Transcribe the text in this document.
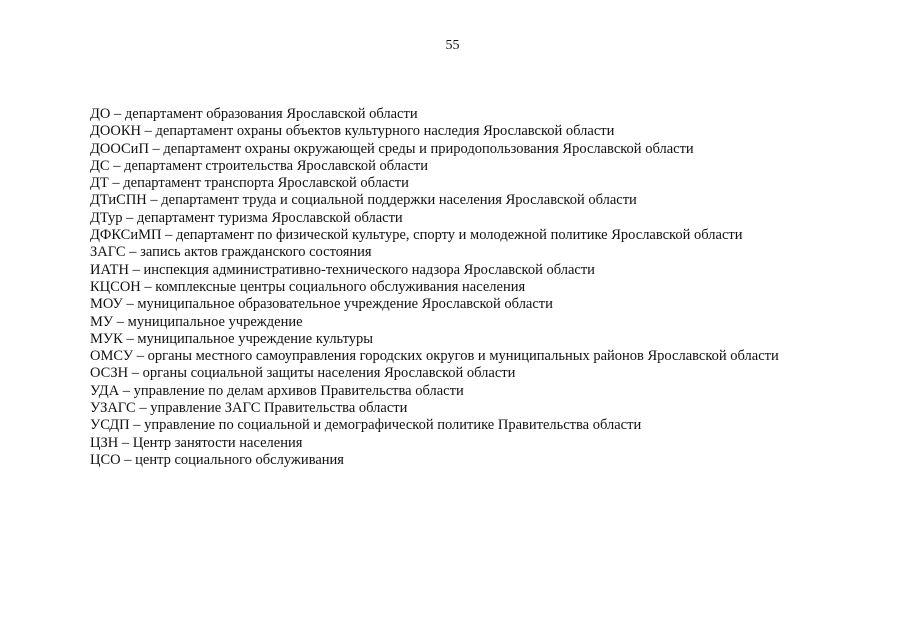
55
ДО – департамент образования Ярославской области
ДООКН – департамент охраны объектов культурного наследия Ярославской области
ДООСиП – департамент охраны окружающей среды и природопользования Ярославской области
ДС – департамент строительства Ярославской области
ДТ – департамент транспорта Ярославской области
ДТиСПН – департамент труда и социальной поддержки населения Ярославской области
ДТур – департамент туризма Ярославской области
ДФКСиМП – департамент по физической культуре, спорту и молодежной политике Ярославской области
ЗАГС – запись актов гражданского состояния
ИАТН – инспекция административно-технического надзора Ярославской области
КЦСОН – комплексные центры социального обслуживания населения
МОУ – муниципальное образовательное учреждение Ярославской области
МУ – муниципальное учреждение
МУК – муниципальное учреждение культуры
ОМСУ – органы местного самоуправления городских округов и муниципальных районов Ярославской области
ОСЗН – органы социальной защиты населения Ярославской области
УДА – управление по делам архивов Правительства области
УЗАГС – управление ЗАГС Правительства области
УСДП – управление по социальной и демографической политике Правительства области
ЦЗН – Центр занятости населения
ЦСО – центр социального обслуживания
